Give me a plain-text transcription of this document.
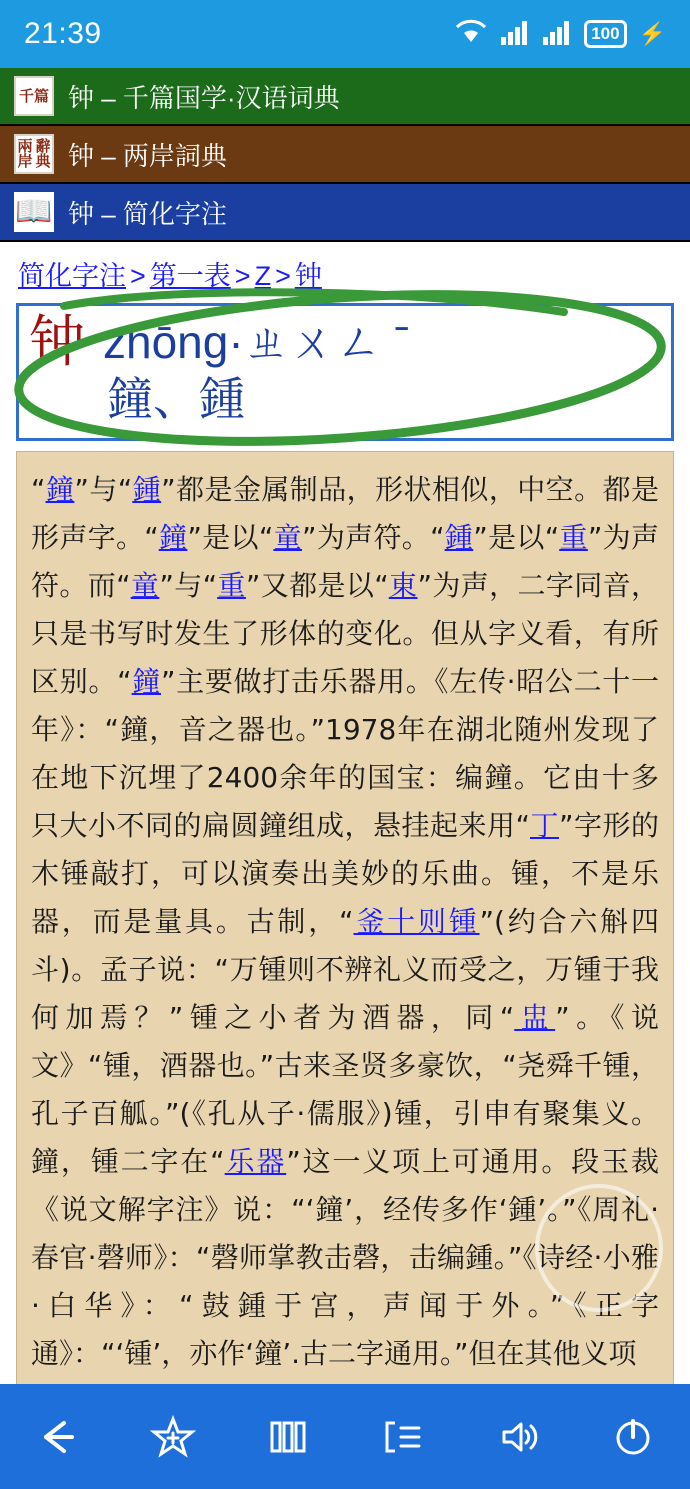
21:39	100 ⚡
千 篇 钟 – 千篇国学·汉语词典
兩岸
辭典 钟 – 两岸詞典
📖 钟 – 简化字注
简化字注 > 第一表 > Z > 钟
钟 zhōng·ㄓㄨㄥ ˉ
鐘、鍾
“鐘”与“鍾”都是金属制品，形状相似，中空。都是形声字。“鐘”是以“童”为声符。“鍾”是以“重”为声符。而“童”与“重”又都是以“東”为声，二字同音，只是书写时发生了形体的变化。但从字义看，有所区别。“鐘”主要做打击乐器用。《左传·昭公二十一年》：“鐘，音之器也。”1978年在湖北随州发现了在地下沉埋了2400余年的国宝：编鐘。它由十多只大小不同的扁圆鐘组成，悬挂起来用“丁”字形的木锤敲打，可以演奏出美妙的乐曲。锺，不是乐器，而是量具。古制，“釜十则锺”(约合六斛四斗)。孟子说：“万锺则不辨礼义而受之，万锺于我何加焉？”锺之小者为酒器，同“盅”。《说文》“锺，酒器也。”古来圣贤多豪饮，“尧舜千锺，孔子百觚。”(《孔从子·儒服》)锺，引申有聚集义。鐘，锺二字在“乐器”这一义项上可通用。段玉裁《说文解字注》说：“‘鐘’，经传多作‘鍾’。”《周礼·春官·磬师》：“磬师掌教击磬，击编鍾。”《诗经·小雅·白华》：“鼓鍾于宫，声闻于外。”《正字通》：“‘锺’，亦作‘鐘’.古二字通用。”但在其他义项
